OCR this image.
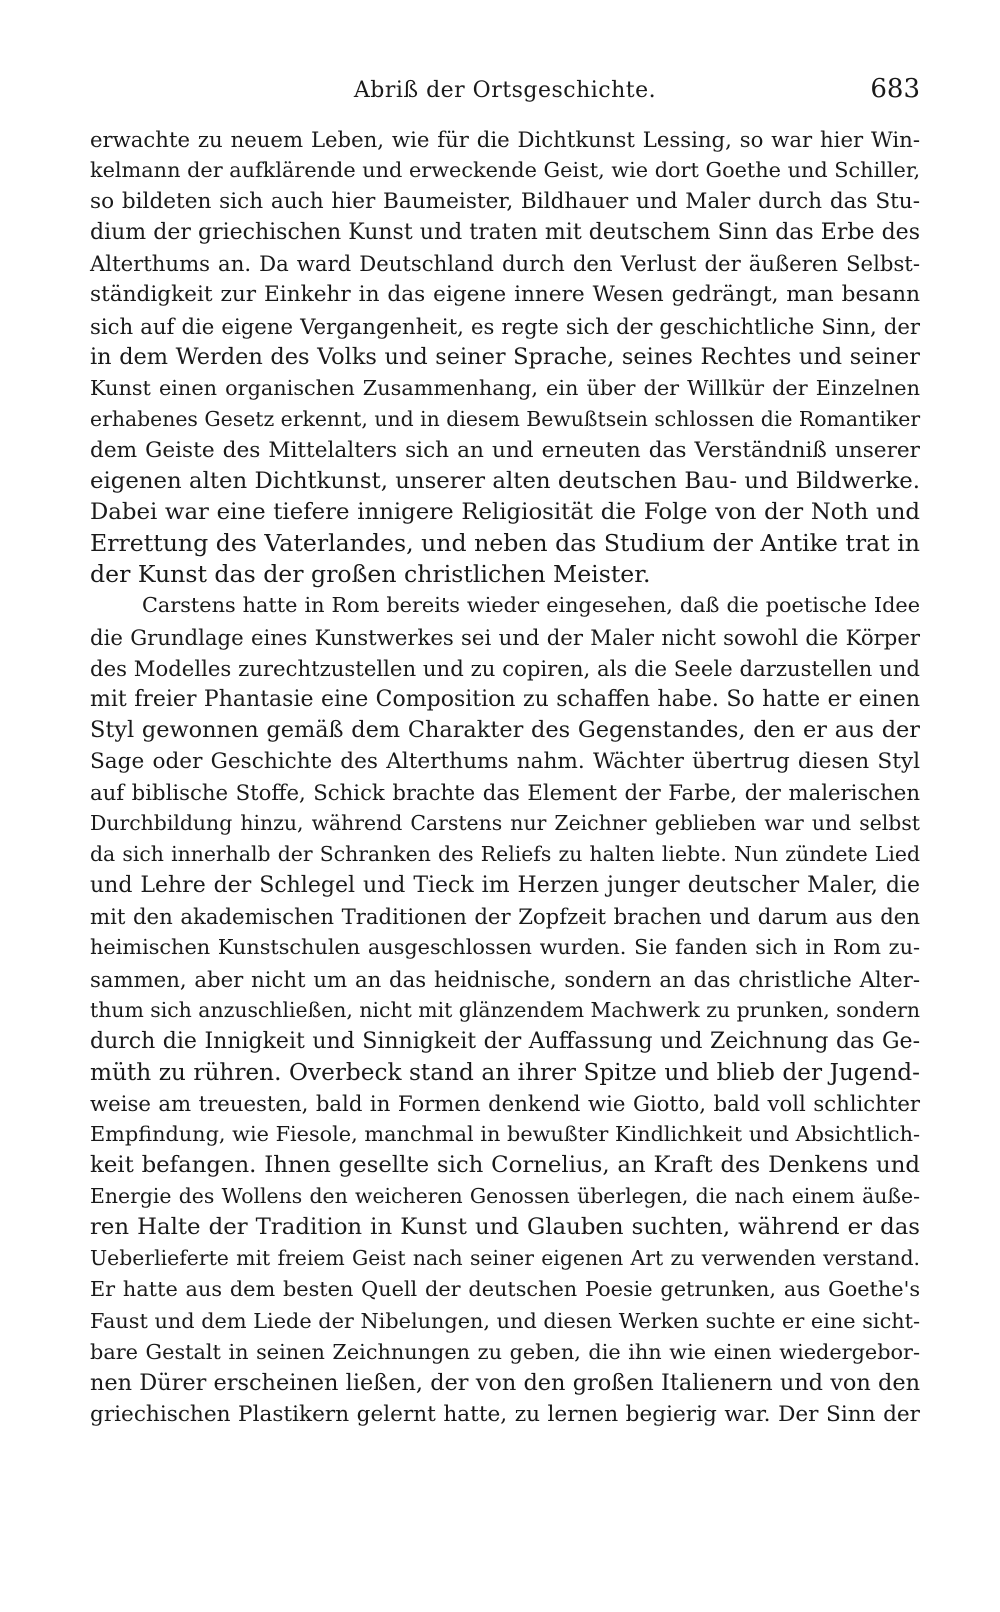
Abriß der Ortsgeschichte.	683
erwachte zu neuem Leben, wie für die Dichtkunst Lessing, so war hier Win-
kelmann der aufklärende und erweckende Geist, wie dort Goethe und Schiller,
so bildeten sich auch hier Baumeister, Bildhauer und Maler durch das Stu-
dium der griechischen Kunst und traten mit deutschem Sinn das Erbe des
Alterthums an. Da ward Deutschland durch den Verlust der äußeren Selbst-
ständigkeit zur Einkehr in das eigene innere Wesen gedrängt, man besann
sich auf die eigene Vergangenheit, es regte sich der geschichtliche Sinn, der
in dem Werden des Volks und seiner Sprache, seines Rechtes und seiner
Kunst einen organischen Zusammenhang, ein über der Willkür der Einzelnen
erhabenes Gesetz erkennt, und in diesem Bewußtsein schlossen die Romantiker
dem Geiste des Mittelalters sich an und erneuten das Verständniß unserer
eigenen alten Dichtkunst, unserer alten deutschen Bau- und Bildwerke.
Dabei war eine tiefere innigere Religiosität die Folge von der Noth und
Errettung des Vaterlandes, und neben das Studium der Antike trat in
der Kunst das der großen christlichen Meister.
Carstens hatte in Rom bereits wieder eingesehen, daß die poetische Idee
die Grundlage eines Kunstwerkes sei und der Maler nicht sowohl die Körper
des Modelles zurechtzustellen und zu copiren, als die Seele darzustellen und
mit freier Phantasie eine Composition zu schaffen habe. So hatte er einen
Styl gewonnen gemäß dem Charakter des Gegenstandes, den er aus der
Sage oder Geschichte des Alterthums nahm. Wächter übertrug diesen Styl
auf biblische Stoffe, Schick brachte das Element der Farbe, der malerischen
Durchbildung hinzu, während Carstens nur Zeichner geblieben war und selbst
da sich innerhalb der Schranken des Reliefs zu halten liebte. Nun zündete Lied
und Lehre der Schlegel und Tieck im Herzen junger deutscher Maler, die
mit den akademischen Traditionen der Zopfzeit brachen und darum aus den
heimischen Kunstschulen ausgeschlossen wurden. Sie fanden sich in Rom zu-
sammen, aber nicht um an das heidnische, sondern an das christliche Alter-
thum sich anzuschließen, nicht mit glänzendem Machwerk zu prunken, sondern
durch die Innigkeit und Sinnigkeit der Auffassung und Zeichnung das Ge-
müth zu rühren. Overbeck stand an ihrer Spitze und blieb der Jugend-
weise am treuesten, bald in Formen denkend wie Giotto, bald voll schlichter
Empfindung, wie Fiesole, manchmal in bewußter Kindlichkeit und Absichtlich-
keit befangen. Ihnen gesellte sich Cornelius, an Kraft des Denkens und
Energie des Wollens den weicheren Genossen überlegen, die nach einem äuße-
ren Halte der Tradition in Kunst und Glauben suchten, während er das
Ueberlieferte mit freiem Geist nach seiner eigenen Art zu verwenden verstand.
Er hatte aus dem besten Quell der deutschen Poesie getrunken, aus Goethe's
Faust und dem Liede der Nibelungen, und diesen Werken suchte er eine sicht-
bare Gestalt in seinen Zeichnungen zu geben, die ihn wie einen wiedergebor-
nen Dürer erscheinen ließen, der von den großen Italienern und von den
griechischen Plastikern gelernt hatte, zu lernen begierig war. Der Sinn der
